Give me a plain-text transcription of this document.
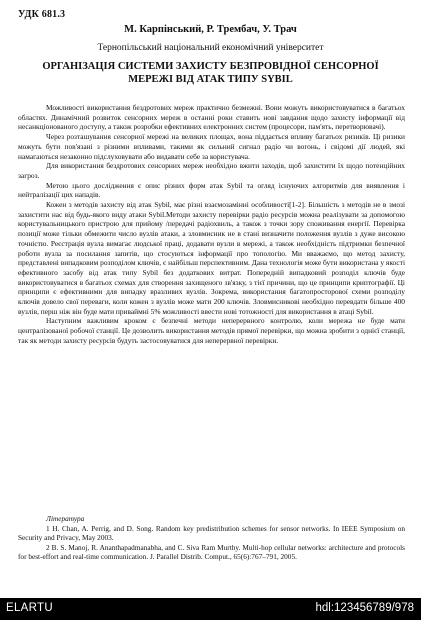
УДК 681.3
М. Карпінський, Р. Трембач, У. Трач
Тернопільський національний економічний університет
ОРГАНІЗАЦІЯ СИСТЕМИ ЗАХИСТУ БЕЗПРОВІДНОЇ СЕНСОРНОЇ МЕРЕЖІ ВІД АТАК ТИПУ SYBIL

Можливості використання бездротових мереж практично безмежні. Вони можуть використовуватися в багатьох областях. Динамічний розвиток сенсорних мереж в останні роки ставить нові завдання щодо захисту інформації від несанкціонованого доступу, а також розробки ефективних електронних систем (процесори, пам'ять, перетворювачі).

Через розташування сенсорної мережі на великих площах, вона піддається впливу багатьох ризиків. Ці ризики можуть бути пов'язані з різними впливами, такими як сильний сигнал радіо чи вогонь, і свідомі дії людей, які намагаються незаконно підслуховувати або видавати себе за користувача.

Для використання бездротових сенсорних мереж необхідно вжити заходів, щоб захистити їх щодо потенційних загроз.

Метою цього дослідження є опис різних форм атак Sybil та огляд існуючих алгоритмів для виявлення і нейтралізації цих нападів.

Кожен з методів захисту від атак Sybil, має різні взаємозамінні особливості[1-2]. Більшість з методів не в змозі захистити нас від будь-якого виду атаки Sybil.Методи захисту перевірки радіо ресурсів можна реалізувати за допомогою користувальницького пристрою для прийому /передачі радіохвиль, а також з точки зору споживання енергії. Перевірка позиції може тільки обмежити число вузлів атаки, а зловмисник не в стані визначити положення вузлів з дуже високою точністю. Реєстрація вузла вимагає людської праці, додавати вузли в мережі, а також необхідність підтримки безпечної роботи вузла за посилання запитів, що стосуються інформації про топологію. Ми вважаємо, що метод захисту, представлені випадковим розподілом ключів, є найбільш перспективним. Дана технологія може бути використана у якості ефективного засобу від атак типу Sybil без додаткових витрат. Попередній випадковий розподіл ключів буде використовуватися в багатьох схемах для створення захищеного зв'язку, з тієї причини, що це принципи криптографії. Ці принципи є ефективними для випадку вразливих вузлів. Зокрема, використання багатопросторової схеми розподілу ключів довело свої переваги, коли кожен з вузлів може мати 200 ключів. Зловмисникові необхідно перевдати більше 400 вузлів, перш ніж він буде мати приваймні 5% можливості ввести нові тотожності для використання в атаці Sybil.

Наступним важливим кроком є безпечні методи неперервного контролю, коли мережа не буде мати централізованої робочої станції. Це дозволить використання методів прямої перевірки, що можна зробити з однієї станції, так як методи захисту ресурсів будуть застосовуватися для неперервної перевірки.

Література

1 H. Chan, A. Perrig, and D. Song. Random key predistribution schemes for sensor networks. In IEEE Symposium on Security and Privacy, May 2003.

2 B. S. Manoj, R. Ananthapadmanabha, and C. Siva Ram Murthy. Multi-hop cellular networks: architecture and protocols for best-effort and real-time communication. J. Parallel Distrib. Comput., 65(6):767–791, 2005.

ELARTU	hdl:123456789/978
